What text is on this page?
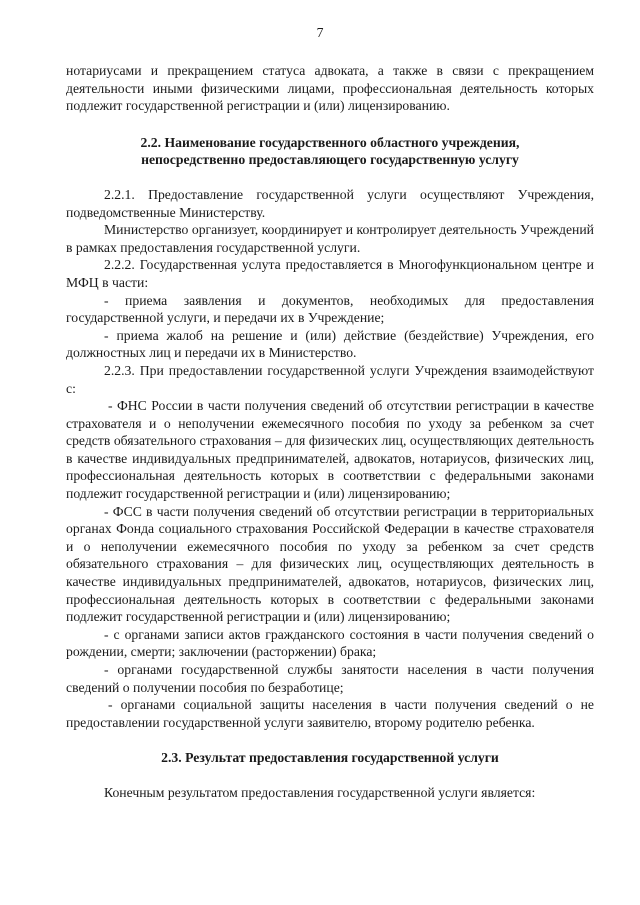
7

нотариусами и прекращением статуса адвоката, а также в связи с прекращением деятельности иными физическими лицами, профессиональная деятельность которых подлежит государственной регистрации и (или) лицензированию.

2.2. Наименование государственного областного учреждения,
непосредственно предоставляющего государственную услугу

2.2.1. Предоставление государственной услуги осуществляют Учреждения, подведомственные Министерству.

Министерство организует, координирует и контролирует деятельность Учреждений в рамках предоставления государственной услуги.

2.2.2. Государственная услута предоставляется в Многофункциональном центре и МФЦ в части:

- приема заявления и документов, необходимых для предоставления государственной услуги, и передачи их в Учреждение;

- приема жалоб на решение и (или) действие (бездействие) Учреждения, его должностных лиц и передачи их в Министерство.

2.2.3. При предоставлении государственной услуги Учреждения взаимодействуют с:

- ФНС России в части получения сведений об отсутствии регистрации в качестве страхователя и о неполучении ежемесячного пособия по уходу за ребенком за счет средств обязательного страхования – для физических лиц, осуществляющих деятельность в качестве индивидуальных предпринимателей, адвокатов, нотариусов, физических лиц, профессиональная деятельность которых в соответствии с федеральными законами подлежит государственной регистрации и (или) лицензированию;

- ФСС в части получения сведений об отсутствии регистрации в территориальных органах Фонда социального страхования Российской Федерации в качестве страхователя и о неполучении ежемесячного пособия по уходу за ребенком за счет средств обязательного страхования – для физических лиц, осуществляющих деятельность в качестве индивидуальных предпринимателей, адвокатов, нотариусов, физических лиц, профессиональная деятельность которых в соответствии с федеральными законами подлежит государственной регистрации и (или) лицензированию;

- с органами записи актов гражданского состояния в части получения сведений о рождении, смерти; заключении (расторжении) брака;

- органами государственной службы занятости населения в части получения сведений о получении пособия по безработице;

- органами социальной защиты населения в части получения сведений о не предоставлении государственной услуги заявителю, второму родителю ребенка.

2.3. Результат предоставления государственной услуги

Конечным результатом предоставления государственной услуги является:
